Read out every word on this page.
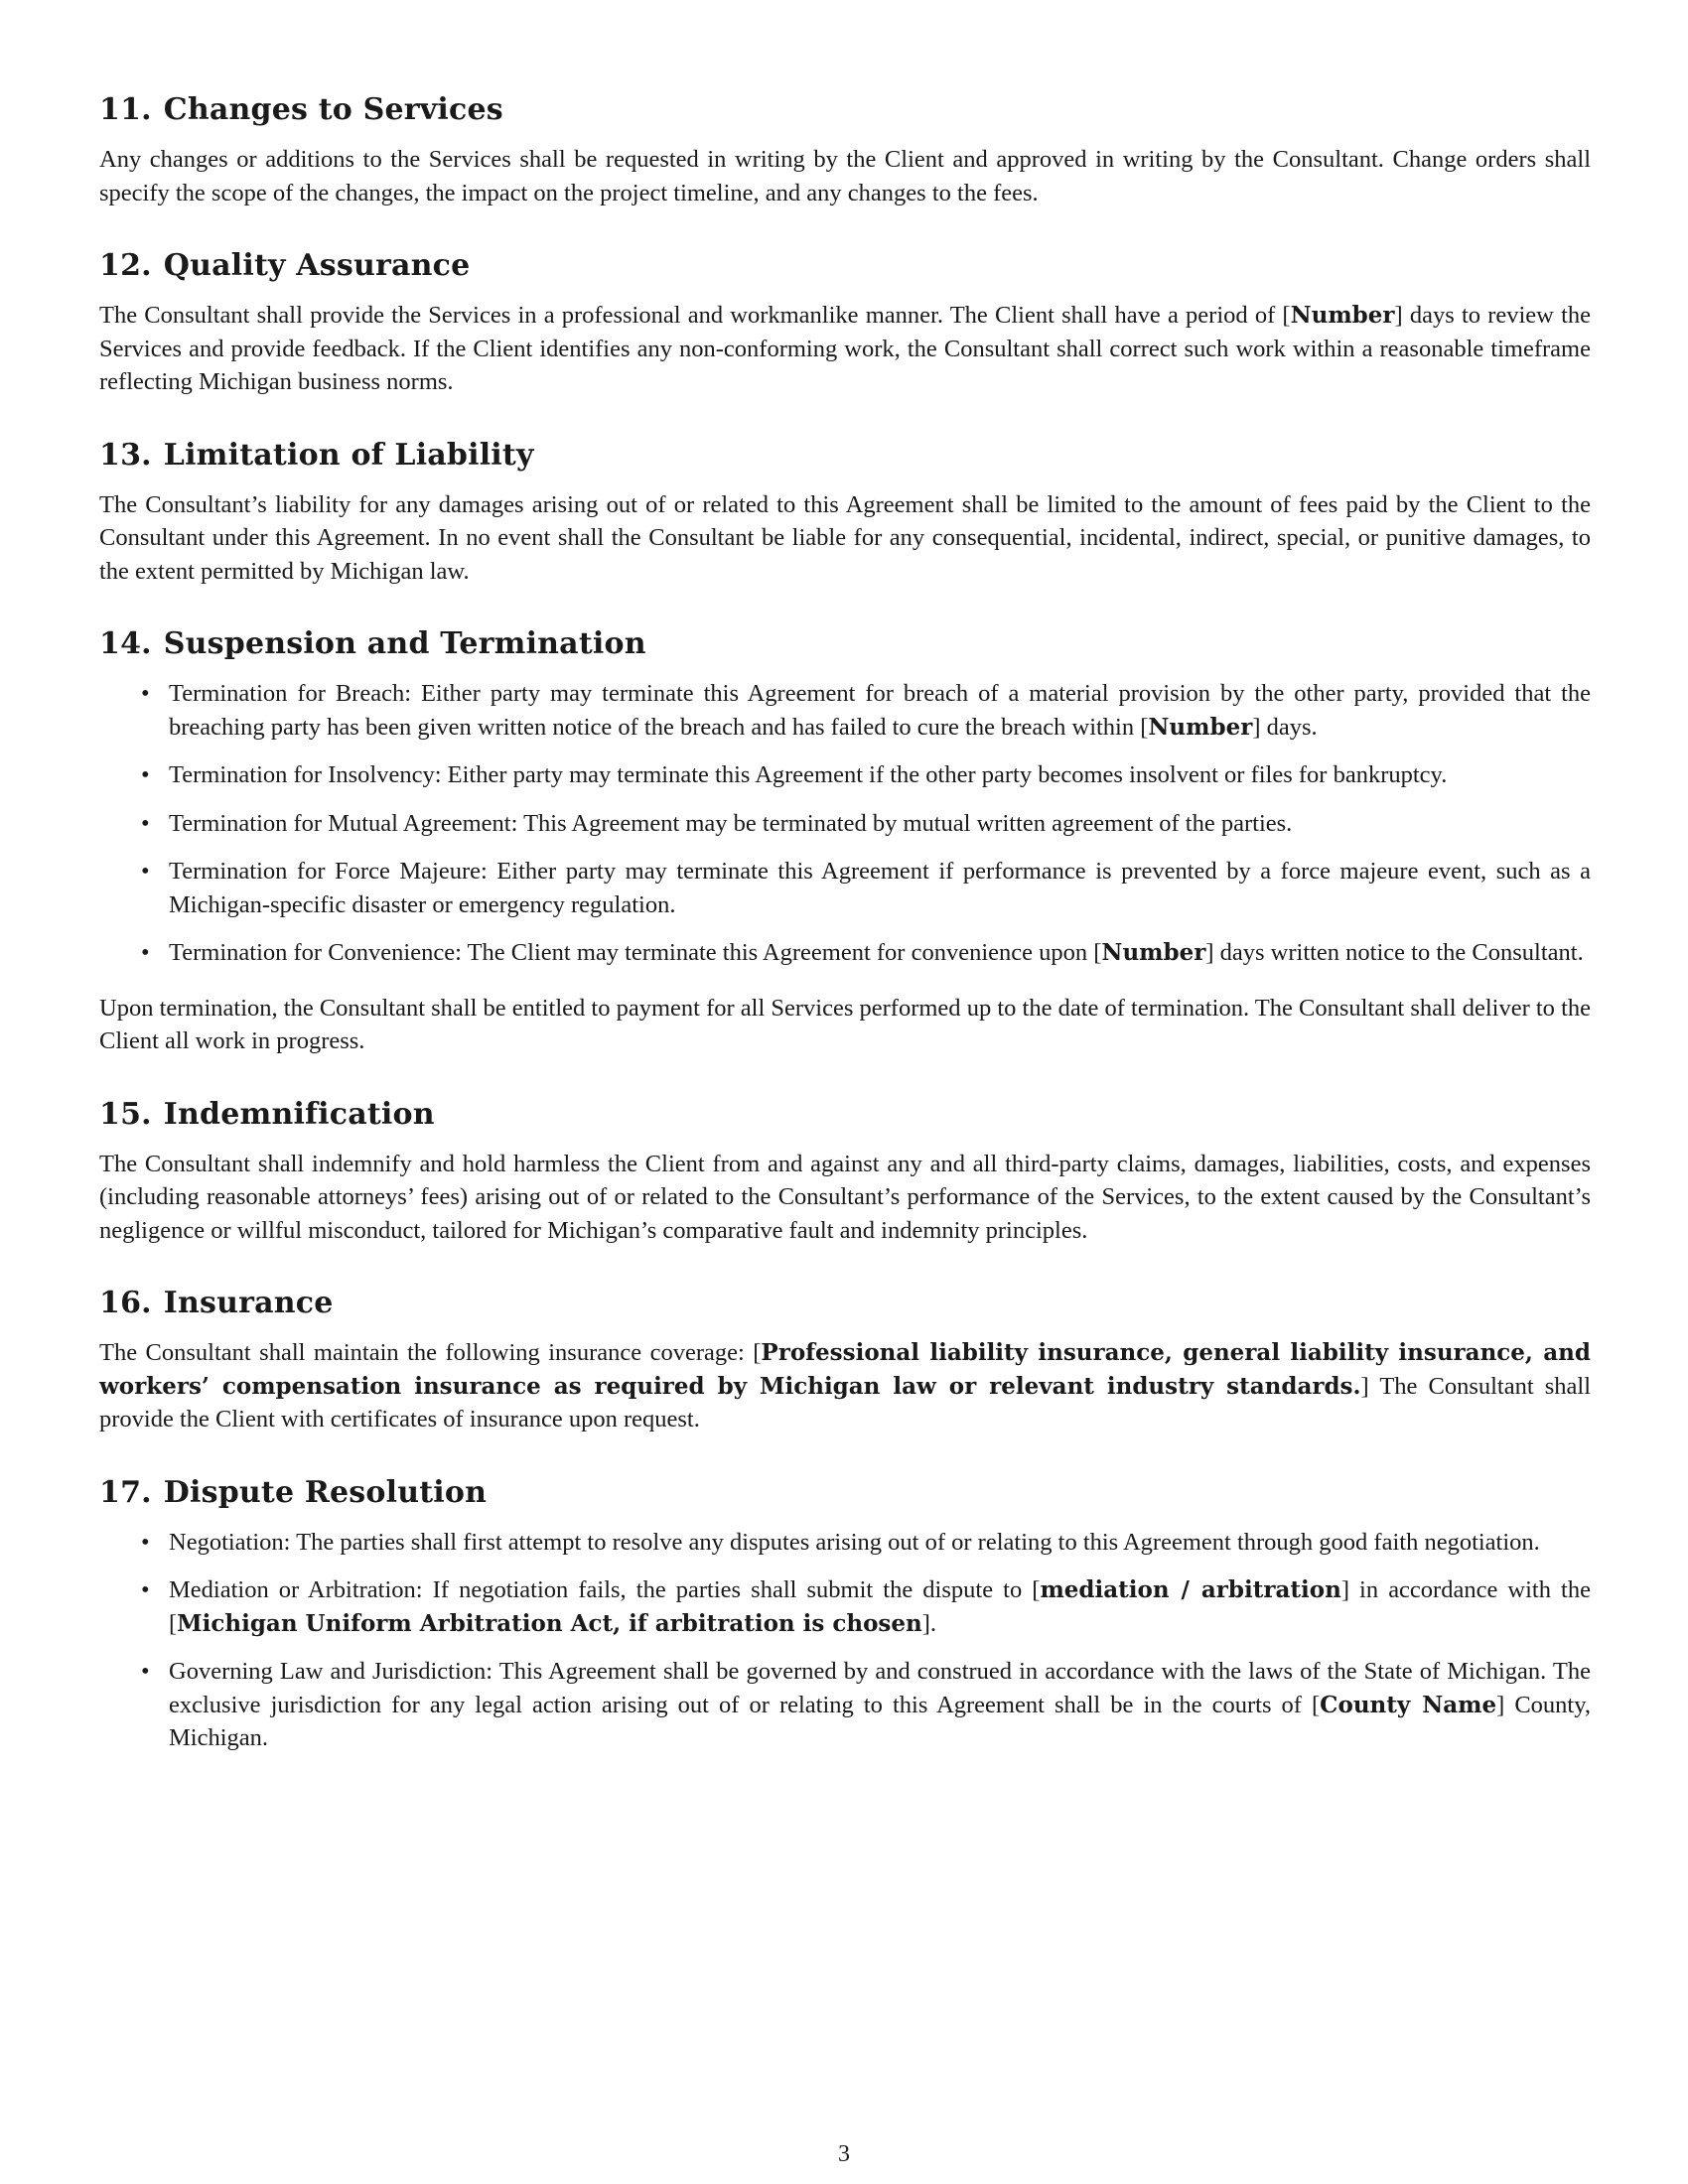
11. Changes to Services

Any changes or additions to the Services shall be requested in writing by the Client and approved in writing by the Consultant. Change orders shall specify the scope of the changes, the impact on the project timeline, and any changes to the fees.

12. Quality Assurance

The Consultant shall provide the Services in a professional and workmanlike manner. The Client shall have a period of [Number] days to review the Services and provide feedback. If the Client identifies any non-conforming work, the Consultant shall correct such work within a reasonable timeframe reflecting Michigan business norms.

13. Limitation of Liability

The Consultant’s liability for any damages arising out of or related to this Agreement shall be limited to the amount of fees paid by the Client to the Consultant under this Agreement. In no event shall the Consultant be liable for any consequential, incidental, indirect, special, or punitive damages, to the extent permitted by Michigan law.

14. Suspension and Termination
• Termination for Breach: Either party may terminate this Agreement for breach of a material provision by the other party, provided that the breaching party has been given written notice of the breach and has failed to cure the breach within [Number] days.
• Termination for Insolvency: Either party may terminate this Agreement if the other party becomes insolvent or files for bankruptcy.
• Termination for Mutual Agreement: This Agreement may be terminated by mutual written agreement of the parties.
• Termination for Force Majeure: Either party may terminate this Agreement if performance is prevented by a force majeure event, such as a Michigan-specific disaster or emergency regulation.
• Termination for Convenience: The Client may terminate this Agreement for convenience upon [Number] days written notice to the Consultant.

Upon termination, the Consultant shall be entitled to payment for all Services performed up to the date of termination. The Consultant shall deliver to the Client all work in progress.

15. Indemnification

The Consultant shall indemnify and hold harmless the Client from and against any and all third-party claims, damages, liabilities, costs, and expenses (including reasonable attorneys’ fees) arising out of or related to the Consultant’s performance of the Services, to the extent caused by the Consultant’s negligence or willful misconduct, tailored for Michigan’s comparative fault and indemnity principles.

16. Insurance

The Consultant shall maintain the following insurance coverage: [Professional liability insurance, general liability insurance, and workers’ compensation insurance as required by Michigan law or relevant industry standards.] The Consultant shall provide the Client with certificates of insurance upon request.

17. Dispute Resolution
• Negotiation: The parties shall first attempt to resolve any disputes arising out of or relating to this Agreement through good faith negotiation.
• Mediation or Arbitration: If negotiation fails, the parties shall submit the dispute to [mediation / arbitration] in accordance with the [Michigan Uniform Arbitration Act, if arbitration is chosen].
• Governing Law and Jurisdiction: This Agreement shall be governed by and construed in accordance with the laws of the State of Michigan. The exclusive jurisdiction for any legal action arising out of or relating to this Agreement shall be in the courts of [County Name] County, Michigan.
3
